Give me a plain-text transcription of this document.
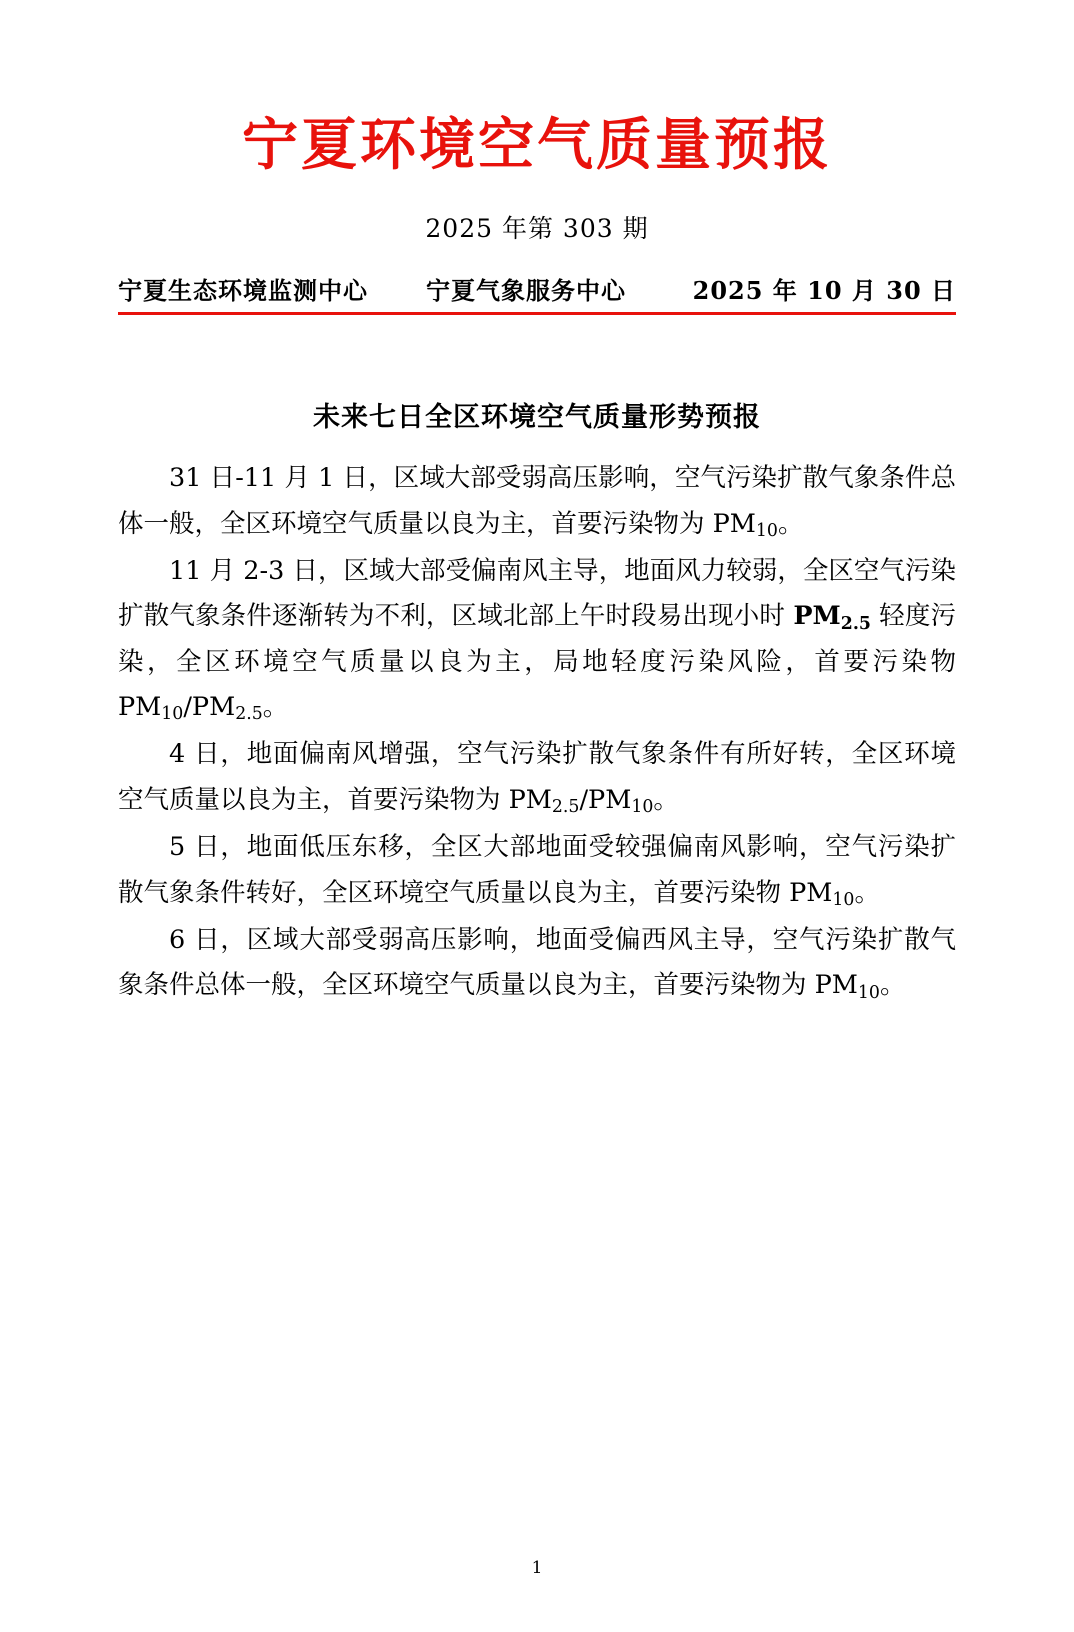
宁夏环境空气质量预报
2025 年第 303 期
宁夏生态环境监测中心 宁夏气象服务中心	2025 年 10 月 30 日
未来七日全区环境空气质量形势预报

31 日-11 月 1 日，区域大部受弱高压影响，空气污染扩散气象条件总体一般，全区环境空气质量以良为主，首要污染物为 $PM_{10}$。

11 月 2-3 日，区域大部受偏南风主导，地面风力较弱，全区空气污染扩散气象条件逐渐转为不利，区域北部上午时段易出现小时 $PM_{2.5}$ 轻度污染，全区环境空气质量以良为主，局地轻度污染风险，首要污染物 $PM_{10}/PM_{2.5}$。

4 日，地面偏南风增强，空气污染扩散气象条件有所好转，全区环境空气质量以良为主，首要污染物为 $PM_{2.5}/PM_{10}$。

5 日，地面低压东移，全区大部地面受较强偏南风影响，空气污染扩散气象条件转好，全区环境空气质量以良为主，首要污染物 $PM_{10}$。

6 日，区域大部受弱高压影响，地面受偏西风主导，空气污染扩散气象条件总体一般，全区环境空气质量以良为主，首要污染物为 $PM_{10}$。

1
